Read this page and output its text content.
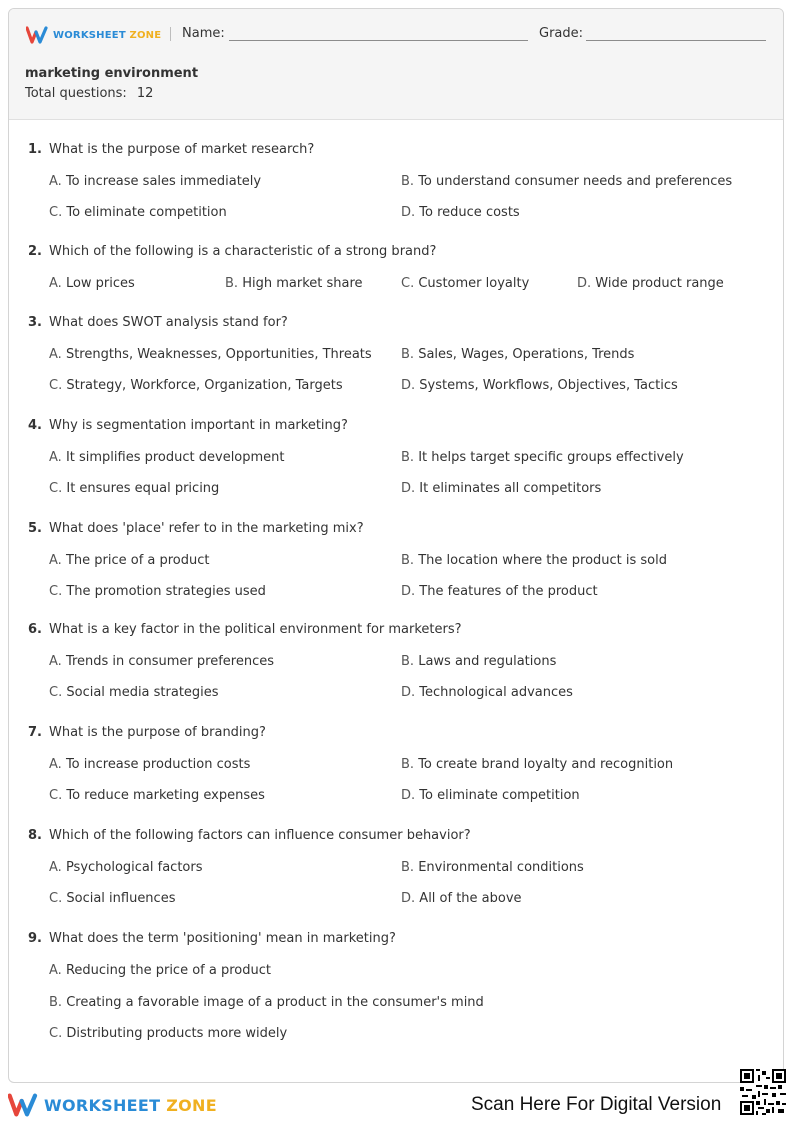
WORKSHEET ZONE Name:	Grade:
marketing environment
Total questions: 12
1. What is the purpose of market research?
A. To increase sales immediately	B. To understand consumer needs and preferences
C. To eliminate competition	D. To reduce costs
2. Which of the following is a characteristic of a strong brand?
A. Low prices	B. High market share	C. Customer loyalty	D. Wide product range
3. What does SWOT analysis stand for?
A. Strengths, Weaknesses, Opportunities, Threats B. Sales, Wages, Operations, Trends
C. Strategy, Workforce, Organization, Targets	D. Systems, Workflows, Objectives, Tactics
4. Why is segmentation important in marketing?
A. It simplifies product development	B. It helps target specific groups effectively
C. It ensures equal pricing	D. It eliminates all competitors
5. What does 'place' refer to in the marketing mix?
A. The price of a product	B. The location where the product is sold
C. The promotion strategies used	D. The features of the product
6. What is a key factor in the political environment for marketers?
A. Trends in consumer preferences	B. Laws and regulations
C. Social media strategies	D. Technological advances
7. What is the purpose of branding?
A. To increase production costs	B. To create brand loyalty and recognition
C. To reduce marketing expenses	D. To eliminate competition
8. Which of the following factors can influence consumer behavior?
A. Psychological factors	B. Environmental conditions
C. Social influences	D. All of the above
9. What does the term 'positioning' mean in marketing?
A. Reducing the price of a product
B. Creating a favorable image of a product in the consumer's mind
C. Distributing products more widely
WORKSHEET ZONE	Scan Here For Digital Version
